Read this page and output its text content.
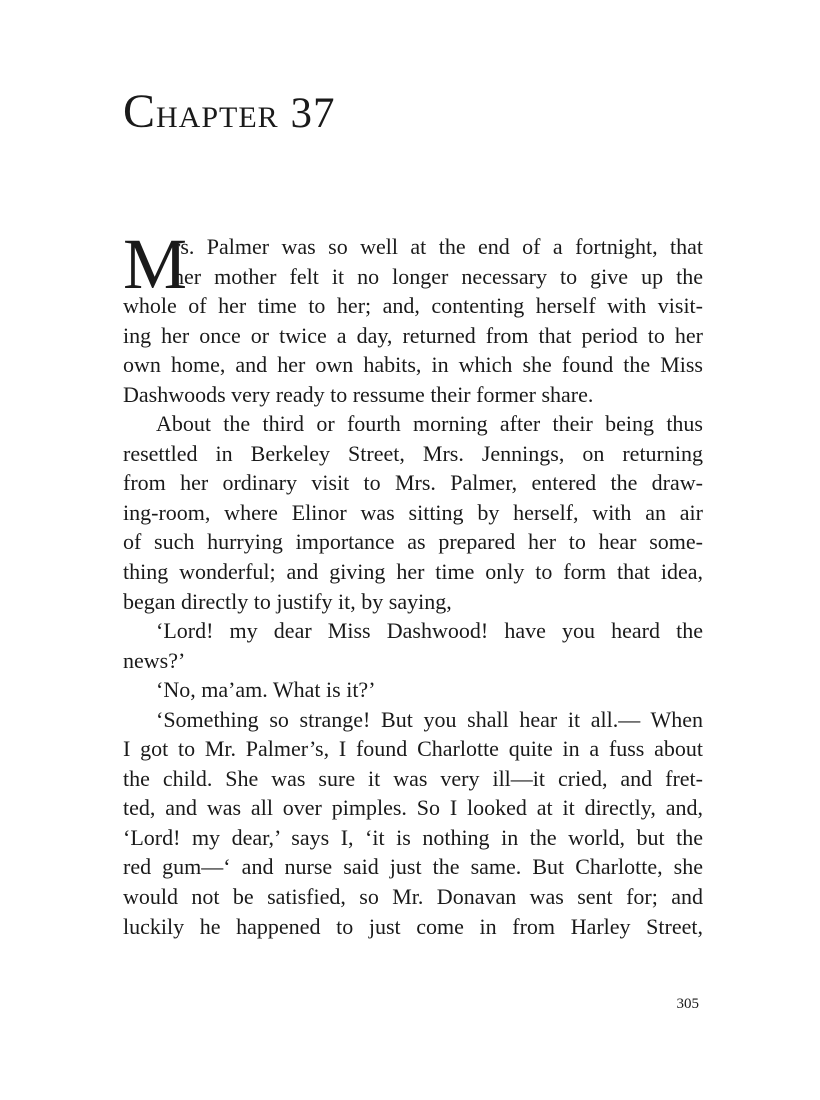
Chapter 37
M
rs. Palmer was so well at the end of a fortnight, that
her mother felt it no longer necessary to give up the
whole of her time to her; and, contenting herself with visit-
ing her once or twice a day, returned from that period to her
own home, and her own habits, in which she found the Miss
Dashwoods very ready to ressume their former share.
About the third or fourth morning after their being thus
resettled in Berkeley Street, Mrs. Jennings, on returning
from her ordinary visit to Mrs. Palmer, entered the draw-
ing-room, where Elinor was sitting by herself, with an air
of such hurrying importance as prepared her to hear some-
thing wonderful; and giving her time only to form that idea,
began directly to justify it, by saying,
‘Lord! my dear Miss Dashwood! have you heard the
news?’
‘No, ma’am. What is it?’
‘Something so strange! But you shall hear it all.— When
I got to Mr. Palmer’s, I found Charlotte quite in a fuss about
the child. She was sure it was very ill—it cried, and fret-
ted, and was all over pimples. So I looked at it directly, and,
‘Lord! my dear,’ says I, ‘it is nothing in the world, but the
red gum—‘ and nurse said just the same. But Charlotte, she
would not be satisfied, so Mr. Donavan was sent for; and
luckily he happened to just come in from Harley Street,
305
